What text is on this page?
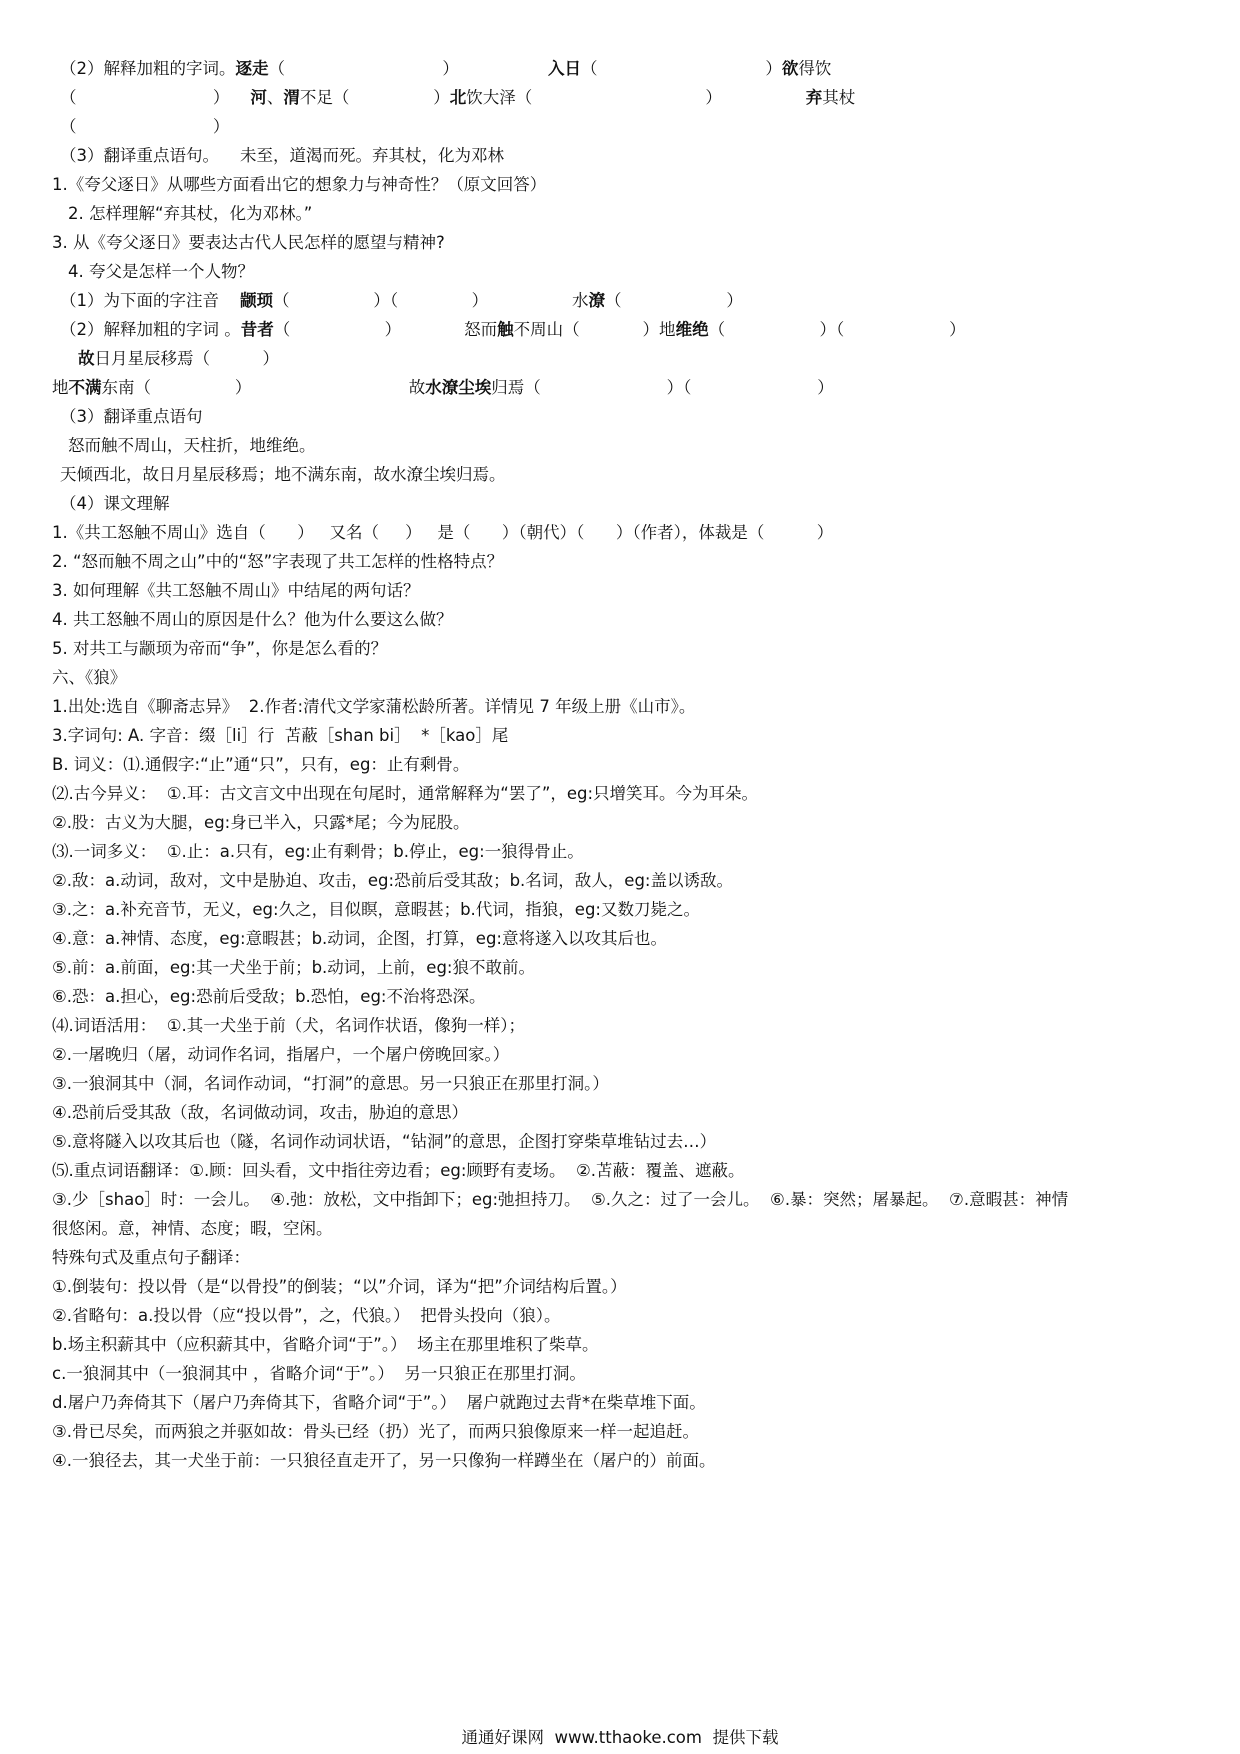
通通好课网  www.tthaoke.com  提供下载
（2）解释加粗的字词。逐走（                              ）                 入日（                                ）欲得饮
（                          ）    河、渭不足（                ）北饮大泽（                                 ）                弃其杖
（                          ）
（3）翻译重点语句。    未至，道渴而死。弃其杖，化为邓林
1.《夸父逐日》从哪些方面看出它的想象力与神奇性？（原文回答）
2. 怎样理解“弃其杖，化为邓林。”
3. 从《夸父逐日》要表达古代人民怎样的愿望与精神?
4. 夸父是怎样一个人物？
（1）为下面的字注音    颛顼（                ）（              ）                水潦（                    ）
（2）解释加粗的字词 。昔者（                  ）            怒而触不周山（            ）地维绝（                  ）（                    ）
故日月星辰移焉（          ）
地不满东南（                ）                              故水潦尘埃归焉（                        ）（                        ）
（3）翻译重点语句
怒而触不周山，天柱折，地维绝。
天倾西北，故日月星辰移焉；地不满东南，故水潦尘埃归焉。
（4）课文理解
1.《共工怒触不周山》选自（      ）   又名（     ）   是（      ）（朝代）（      ）（作者），体裁是（          ）
2. “怒而触不周之山”中的“怒”字表现了共工怎样的性格特点？
3. 如何理解《共工怒触不周山》中结尾的两句话？
4. 共工怒触不周山的原因是什么？他为什么要这么做？
5. 对共工与颛顼为帝而“争”，你是怎么看的？
六、《狼》
1.出处:选自《聊斋志异》  2.作者:清代文学家蒲松龄所著。详情见 7 年级上册《山市》。
3.字词句: A. 字音：缀［li］行  苫蔽［shan bi］  *［kao］尾
B. 词义：⑴.通假字:“止”通“只”，只有，eg：止有剩骨。
⑵.古今异义：  ①.耳：古文言文中出现在句尾时，通常解释为“罢了”，eg:只增笑耳。今为耳朵。
②.股：古义为大腿，eg:身已半入，只露*尾；今为屁股。
⑶.一词多义：  ①.止：a.只有，eg:止有剩骨；b.停止，eg:一狼得骨止。
②.敌：a.动词，敌对，文中是胁迫、攻击，eg:恐前后受其敌；b.名词，敌人，eg:盖以诱敌。
③.之：a.补充音节，无义，eg:久之，目似瞑，意暇甚；b.代词，指狼，eg:又数刀毙之。
④.意：a.神情、态度，eg:意暇甚；b.动词，企图，打算，eg:意将遂入以攻其后也。
⑤.前：a.前面，eg:其一犬坐于前；b.动词，上前，eg:狼不敢前。
⑥.恐：a.担心，eg:恐前后受敌；b.恐怕，eg:不治将恐深。
⑷.词语活用：  ①.其一犬坐于前（犬，名词作状语，像狗一样）；
②.一屠晚归（屠，动词作名词，指屠户，一个屠户傍晚回家。）
③.一狼洞其中（洞，名词作动词，“打洞”的意思。另一只狼正在那里打洞。）
④.恐前后受其敌（敌，名词做动词，攻击，胁迫的意思）
⑤.意将隧入以攻其后也（隧，名词作动词状语，“钻洞”的意思，企图打穿柴草堆钻过去…）
⑸.重点词语翻译：①.顾：回头看，文中指往旁边看；eg:顾野有麦场。  ②.苫蔽：覆盖、遮蔽。
③.少［shao］时：一会儿。  ④.弛：放松，文中指卸下；eg:弛担持刀。  ⑤.久之：过了一会儿。  ⑥.暴：突然；屠暴起。  ⑦.意暇甚：神情
很悠闲。意，神情、态度；暇，空闲。
特殊句式及重点句子翻译：
①.倒装句：投以骨（是“以骨投”的倒装；“以”介词，译为“把”介词结构后置。）
②.省略句：a.投以骨（应“投以骨”，之，代狼。）  把骨头投向（狼）。
b.场主积薪其中（应积薪其中，省略介词“于”。）  场主在那里堆积了柴草。
c.一狼洞其中（一狼洞其中 ，省略介词“于”。）  另一只狼正在那里打洞。
d.屠户乃奔倚其下（屠户乃奔倚其下，省略介词“于”。）  屠户就跑过去背*在柴草堆下面。
③.骨已尽矣，而两狼之并驱如故：骨头已经（扔）光了，而两只狼像原来一样一起追赶。
④.一狼径去，其一犬坐于前：一只狼径直走开了，另一只像狗一样蹲坐在（屠户的）前面。
